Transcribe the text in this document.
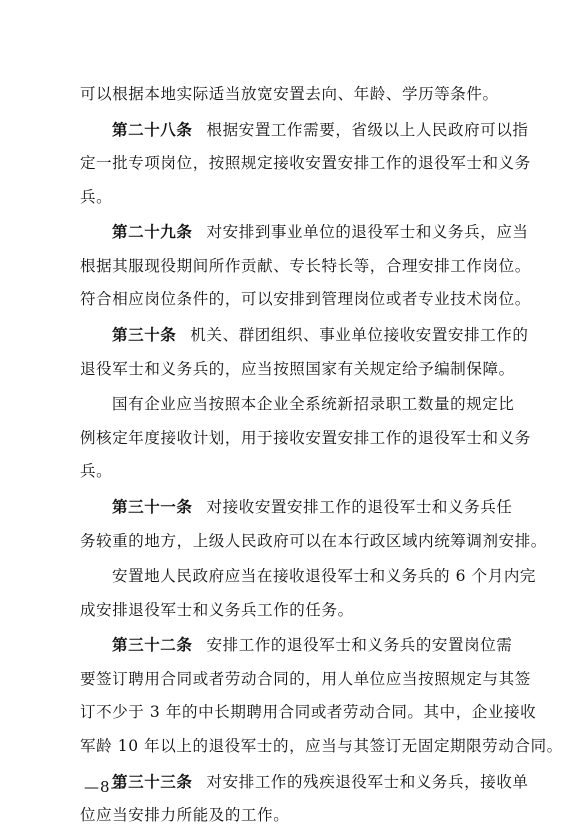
可以根据本地实际适当放宽安置去向、年龄、学历等条件。
第二十八条 根据安置工作需要，省级以上人民政府可以指
定一批专项岗位，按照规定接收安置安排工作的退役军士和义务
兵。
第二十九条 对安排到事业单位的退役军士和义务兵，应当
根据其服现役期间所作贡献、专长特长等，合理安排工作岗位。
符合相应岗位条件的，可以安排到管理岗位或者专业技术岗位。
第三十条 机关、群团组织、事业单位接收安置安排工作的
退役军士和义务兵的，应当按照国家有关规定给予编制保障。
国有企业应当按照本企业全系统新招录职工数量的规定比
例核定年度接收计划，用于接收安置安排工作的退役军士和义务
兵。
第三十一条 对接收安置安排工作的退役军士和义务兵任
务较重的地方，上级人民政府可以在本行政区域内统筹调剂安排。
安置地人民政府应当在接收退役军士和义务兵的 6 个月内完
成安排退役军士和义务兵工作的任务。
第三十二条 安排工作的退役军士和义务兵的安置岗位需
要签订聘用合同或者劳动合同的，用人单位应当按照规定与其签
订不少于 3 年的中长期聘用合同或者劳动合同。其中，企业接收
军龄 10 年以上的退役军士的，应当与其签订无固定期限劳动合同。
第三十三条 对安排工作的残疾退役军士和义务兵，接收单
位应当安排力所能及的工作。
—8—
